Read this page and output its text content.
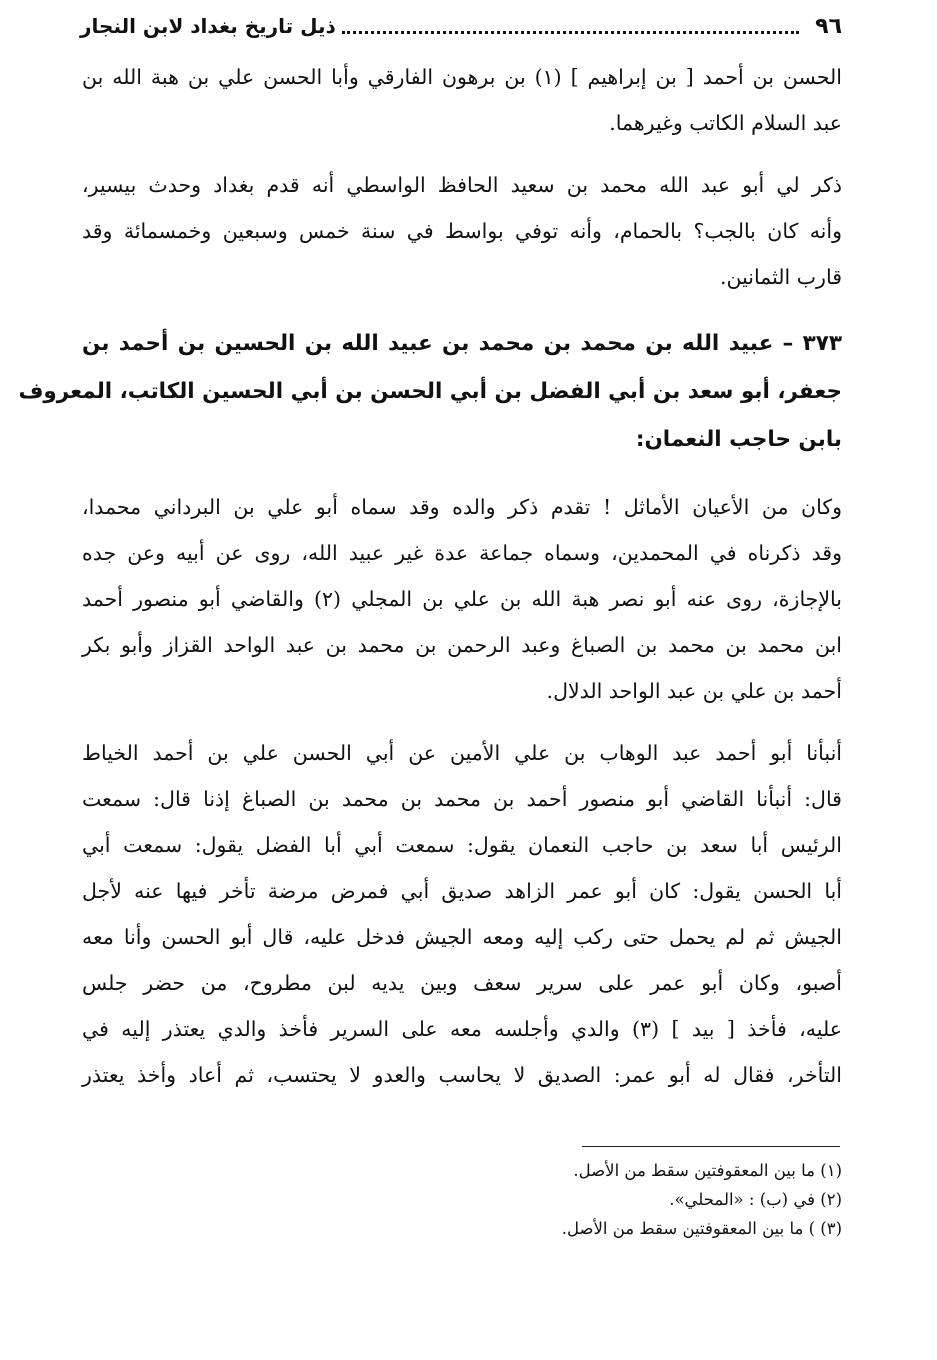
٩٦
ذيل تاريخ بغداد لابن النجار

الحسن بن أحمد [ بن إبراهيم ] (١) بن برهون الفارقي وأبا الحسن علي بن هبة الله بن
عبد السلام الكاتب وغيرهما.

ذكر لي أبو عبد الله محمد بن سعيد الحافظ الواسطي أنه قدم بغداد وحدث بيسير،
وأنه كان بالجب؟ بالحمام، وأنه توفي بواسط في سنة خمس وسبعين وخمسمائة وقد
قارب الثمانين.

٣٧٣ – عبيد الله بن محمد بن محمد بن عبيد الله بن الحسين بن أحمد بن
جعفر، أبو سعد بن أبي الفضل بن أبي الحسن بن أبي الحسين الكاتب، المعروف
بابن حاجب النعمان:

وكان من الأعيان الأماثل ! تقدم ذكر والده وقد سماه أبو علي بن البرداني محمدا،
وقد ذكرناه في المحمدين، وسماه جماعة عدة غير عبيد الله، روى عن أبيه وعن جده
بالإجازة، روى عنه أبو نصر هبة الله بن علي بن المجلي (٢) والقاضي أبو منصور أحمد
ابن محمد بن محمد بن الصباغ وعبد الرحمن بن محمد بن عبد الواحد القزاز وأبو بكر
أحمد بن علي بن عبد الواحد الدلال.

أنبأنا أبو أحمد عبد الوهاب بن علي الأمين عن أبي الحسن علي بن أحمد الخياط
قال: أنبأنا القاضي أبو منصور أحمد بن محمد بن محمد بن الصباغ إذنا قال: سمعت
الرئيس أبا سعد بن حاجب النعمان يقول: سمعت أبي أبا الفضل يقول: سمعت أبي
أبا الحسن يقول: كان أبو عمر الزاهد صديق أبي فمرض مرضة تأخر فيها عنه لأجل
الجيش ثم لم يحمل حتى ركب إليه ومعه الجيش فدخل عليه، قال أبو الحسن وأنا معه
أصبو، وكان أبو عمر على سرير سعف وبين يديه لبن مطروح، من حضر جلس
عليه، فأخذ [ بيد ] (٣) والدي وأجلسه معه على السرير فأخذ والدي يعتذر إليه في
التأخر، فقال له أبو عمر: الصديق لا يحاسب والعدو لا يحتسب، ثم أعاد وأخذ يعتذر

(١) ما بين المعقوفتين سقط من الأصل.
(٢) في (ب) : «المحلي».
(٣) ) ما بين المعقوفتين سقط من الأصل.
